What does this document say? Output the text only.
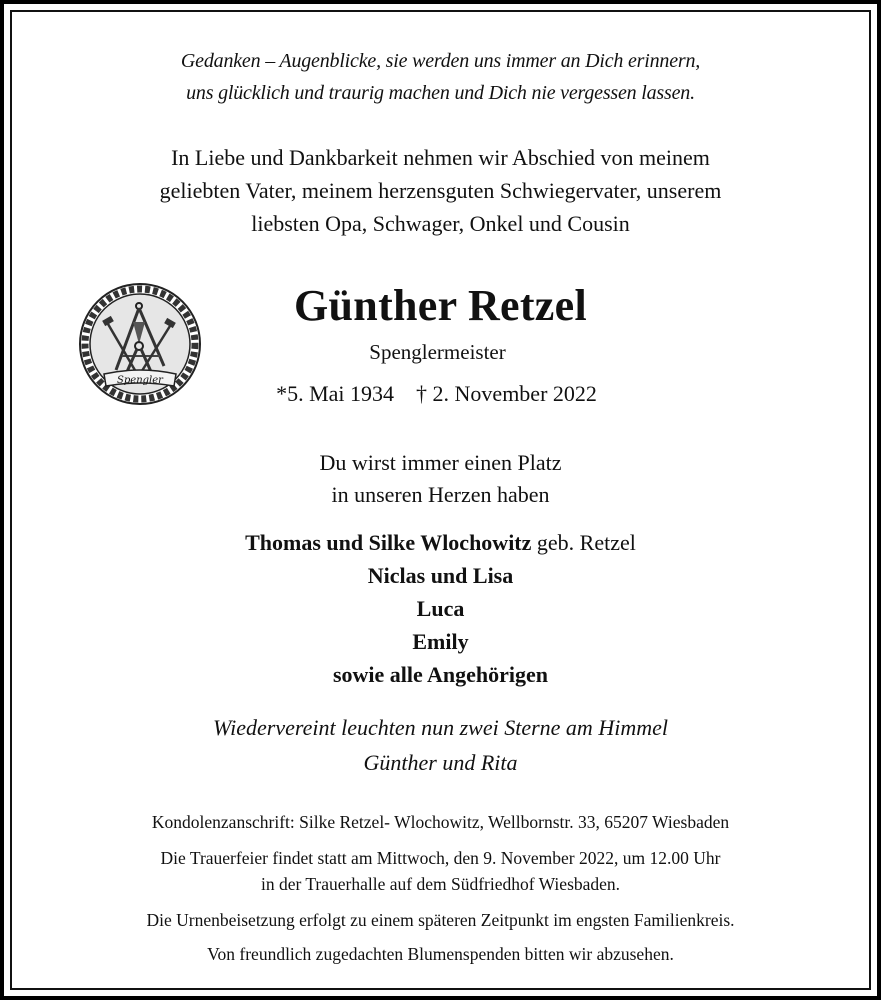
Gedanken – Augenblicke, sie werden uns immer an Dich erinnern,
uns glücklich und traurig machen und Dich nie vergessen lassen.
In Liebe und Dankbarkeit nehmen wir Abschied von meinem
geliebten Vater, meinem herzensguten Schwiegervater, unserem
liebsten Opa, Schwager, Onkel und Cousin
Spengler
Günther Retzel
Spenglermeister
*5. Mai 1934 † 2. November 2022
Du wirst immer einen Platz
in unseren Herzen haben
Thomas und Silke Wlochowitz geb. Retzel
Niclas und Lisa
Luca
Emily
sowie alle Angehörigen
Wiedervereint leuchten nun zwei Sterne am Himmel
Günther und Rita
Kondolenzanschrift: Silke Retzel- Wlochowitz, Wellbornstr. 33, 65207 Wiesbaden
Die Trauerfeier findet statt am Mittwoch, den 9. November 2022, um 12.00 Uhr
in der Trauerhalle auf dem Südfriedhof Wiesbaden.
Die Urnenbeisetzung erfolgt zu einem späteren Zeitpunkt im engsten Familienkreis.
Von freundlich zugedachten Blumenspenden bitten wir abzusehen.
